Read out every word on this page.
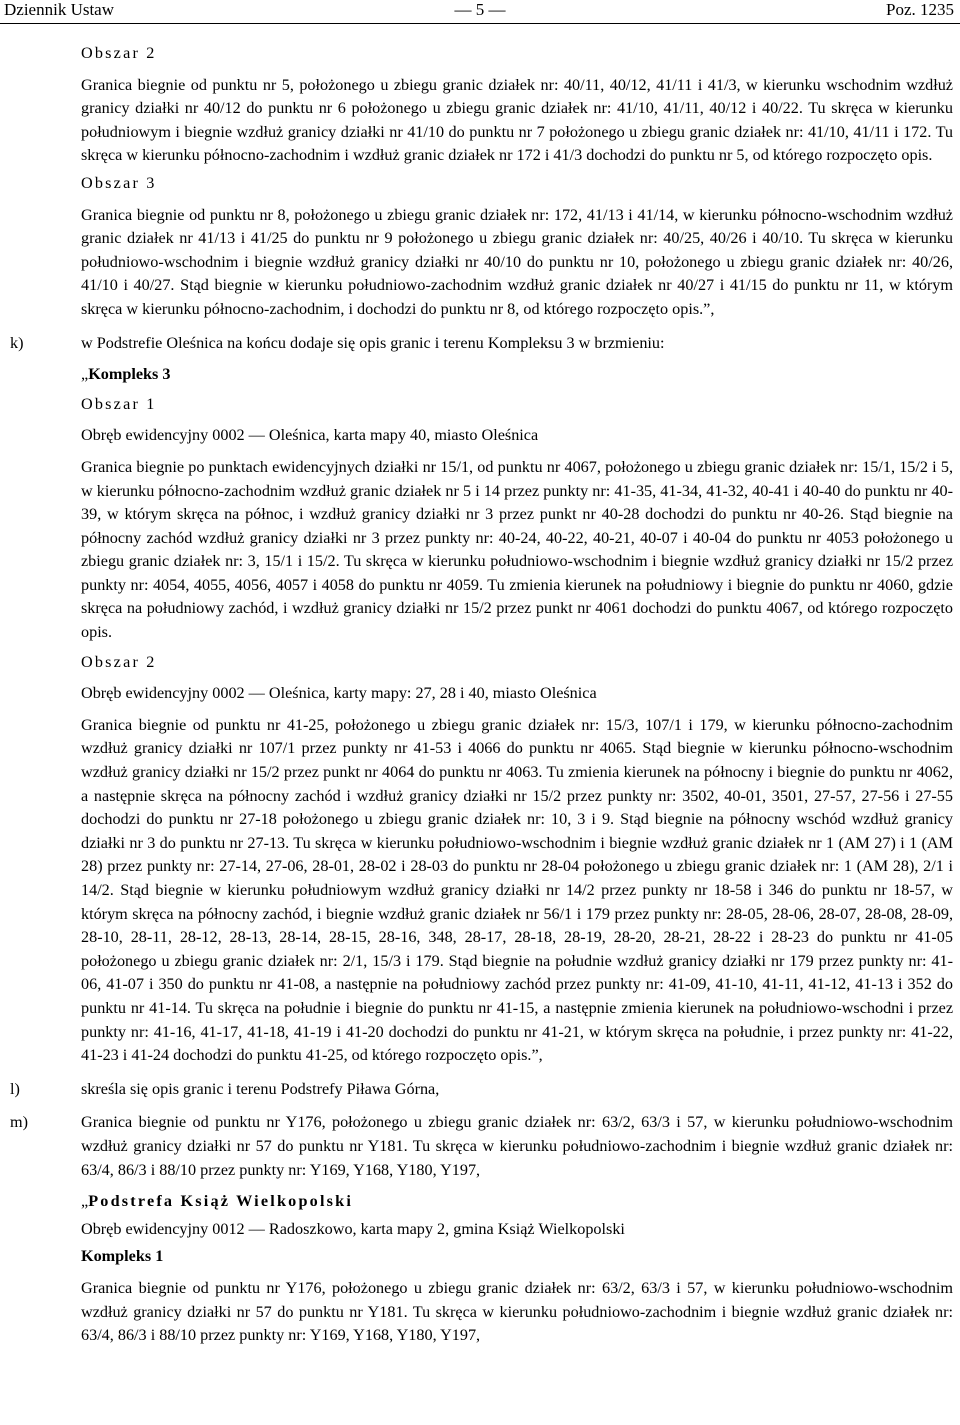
Dziennik Ustaw	— 5 —	Poz. 1235

Obszar 2

Granica biegnie od punktu nr 5, położonego u zbiegu granic działek nr: 40/11, 40/12, 41/11 i 41/3, w kierunku wschodnim wzdłuż granicy działki nr 40/12 do punktu nr 6 położonego u zbiegu granic działek nr: 41/10, 41/11, 40/12 i 40/22. Tu skręca w kierunku południowym i biegnie wzdłuż granicy działki nr 41/10 do punktu nr 7 położonego u zbiegu granic działek nr: 41/10, 41/11 i 172. Tu skręca w kierunku północno-zachodnim i wzdłuż granic działek nr 172 i 41/3 dochodzi do punktu nr 5, od którego rozpoczęto opis.

Obszar 3

Granica biegnie od punktu nr 8, położonego u zbiegu granic działek nr: 172, 41/13 i 41/14, w kierunku północno-wschodnim wzdłuż granic działek nr 41/13 i 41/25 do punktu nr 9 położonego u zbiegu granic działek nr: 40/25, 40/26 i 40/10. Tu skręca w kierunku południowo-wschodnim i biegnie wzdłuż granicy działki nr 40/10 do punktu nr 10, położonego u zbiegu granic działek nr: 40/26, 41/10 i 40/27. Stąd biegnie w kierunku południowo-zachodnim wzdłuż granic działek nr 40/27 i 41/15 do punktu nr 11, w którym skręca w kierunku północno-zachodnim, i dochodzi do punktu nr 8, od którego rozpoczęto opis.”,

k)	w Podstrefie Oleśnica na końcu dodaje się opis granic i terenu Kompleksu 3 w brzmieniu:

„Kompleks 3

Obszar 1

Obręb ewidencyjny 0002 — Oleśnica, karta mapy 40, miasto Oleśnica

Granica biegnie po punktach ewidencyjnych działki nr 15/1, od punktu nr 4067, położonego u zbiegu granic działek nr: 15/1, 15/2 i 5, w kierunku północno-zachodnim wzdłuż granic działek nr 5 i 14 przez punkty nr: 41-35, 41-34, 41-32, 40-41 i 40-40 do punktu nr 40-39, w którym skręca na północ, i wzdłuż granicy działki nr 3 przez punkt nr 40-28 dochodzi do punktu nr 40-26. Stąd biegnie na północny zachód wzdłuż granicy działki nr 3 przez punkty nr: 40-24, 40-22, 40-21, 40-07 i 40-04 do punktu nr 4053 położonego u zbiegu granic działek nr: 3, 15/1 i 15/2. Tu skręca w kierunku południowo-wschodnim i biegnie wzdłuż granicy działki nr 15/2 przez punkty nr: 4054, 4055, 4056, 4057 i 4058 do punktu nr 4059. Tu zmienia kierunek na południowy i biegnie do punktu nr 4060, gdzie skręca na południowy zachód, i wzdłuż granicy działki nr 15/2 przez punkt nr 4061 dochodzi do punktu 4067, od którego rozpoczęto opis.

Obszar 2

Obręb ewidencyjny 0002 — Oleśnica, karty mapy: 27, 28 i 40, miasto Oleśnica

Granica biegnie od punktu nr 41-25, położonego u zbiegu granic działek nr: 15/3, 107/1 i 179, w kierunku północno-zachodnim wzdłuż granicy działki nr 107/1 przez punkty nr 41-53 i 4066 do punktu nr 4065. Stąd biegnie w kierunku północno-wschodnim wzdłuż granicy działki nr 15/2 przez punkt nr 4064 do punktu nr 4063. Tu zmienia kierunek na północny i biegnie do punktu nr 4062, a następnie skręca na północny zachód i wzdłuż granicy działki nr 15/2 przez punkty nr: 3502, 40-01, 3501, 27-57, 27-56 i 27-55 dochodzi do punktu nr 27-18 położonego u zbiegu granic działek nr: 10, 3 i 9. Stąd biegnie na północny wschód wzdłuż granicy działki nr 3 do punktu nr 27-13. Tu skręca w kierunku południowo-wschodnim i biegnie wzdłuż granic działek nr 1 (AM 27) i 1 (AM 28) przez punkty nr: 27-14, 27-06, 28-01, 28-02 i 28-03 do punktu nr 28-04 położonego u zbiegu granic działek nr: 1 (AM 28), 2/1 i 14/2. Stąd biegnie w kierunku południowym wzdłuż granicy działki nr 14/2 przez punkty nr 18-58 i 346 do punktu nr 18-57, w którym skręca na północny zachód, i biegnie wzdłuż granic działek nr 56/1 i 179 przez punkty nr: 28-05, 28-06, 28-07, 28-08, 28-09, 28-10, 28-11, 28-12, 28-13, 28-14, 28-15, 28-16, 348, 28-17, 28-18, 28-19, 28-20, 28-21, 28-22 i 28-23 do punktu nr 41-05 położonego u zbiegu granic działek nr: 2/1, 15/3 i 179. Stąd biegnie na południe wzdłuż granicy działki nr 179 przez punkty nr: 41-06, 41-07 i 350 do punktu nr 41-08, a następnie na południowy zachód przez punkty nr: 41-09, 41-10, 41-11, 41-12, 41-13 i 352 do punktu nr 41-14. Tu skręca na południe i biegnie do punktu nr 41-15, a następnie zmienia kierunek na południowo-wschodni i przez punkty nr: 41-16, 41-17, 41-18, 41-19 i 41-20 dochodzi do punktu nr 41-21, w którym skręca na południe, i przez punkty nr: 41-22, 41-23 i 41-24 dochodzi do punktu 41-25, od którego rozpoczęto opis.”,

l)	skreśla się opis granic i terenu Podstrefy Piława Górna,

m)	Granica biegnie od punktu nr Y176, położonego u zbiegu granic działek nr: 63/2, 63/3 i 57, w kierunku południowo-wschodnim wzdłuż granicy działki nr 57 do punktu nr Y181. Tu skręca w kierunku południowo-zachodnim i biegnie wzdłuż granic działek nr: 63/4, 86/3 i 88/10 przez punkty nr: Y169, Y168, Y180, Y197,

„Podstrefa Książ Wielkopolski

Obręb ewidencyjny 0012 — Radoszkowo, karta mapy 2, gmina Książ Wielkopolski

Kompleks 1

Granica biegnie od punktu nr Y176, położonego u zbiegu granic działek nr: 63/2, 63/3 i 57, w kierunku południowo-wschodnim wzdłuż granicy działki nr 57 do punktu nr Y181. Tu skręca w kierunku południowo-zachodnim i biegnie wzdłuż granic działek nr: 63/4, 86/3 i 88/10 przez punkty nr: Y169, Y168, Y180, Y197,
